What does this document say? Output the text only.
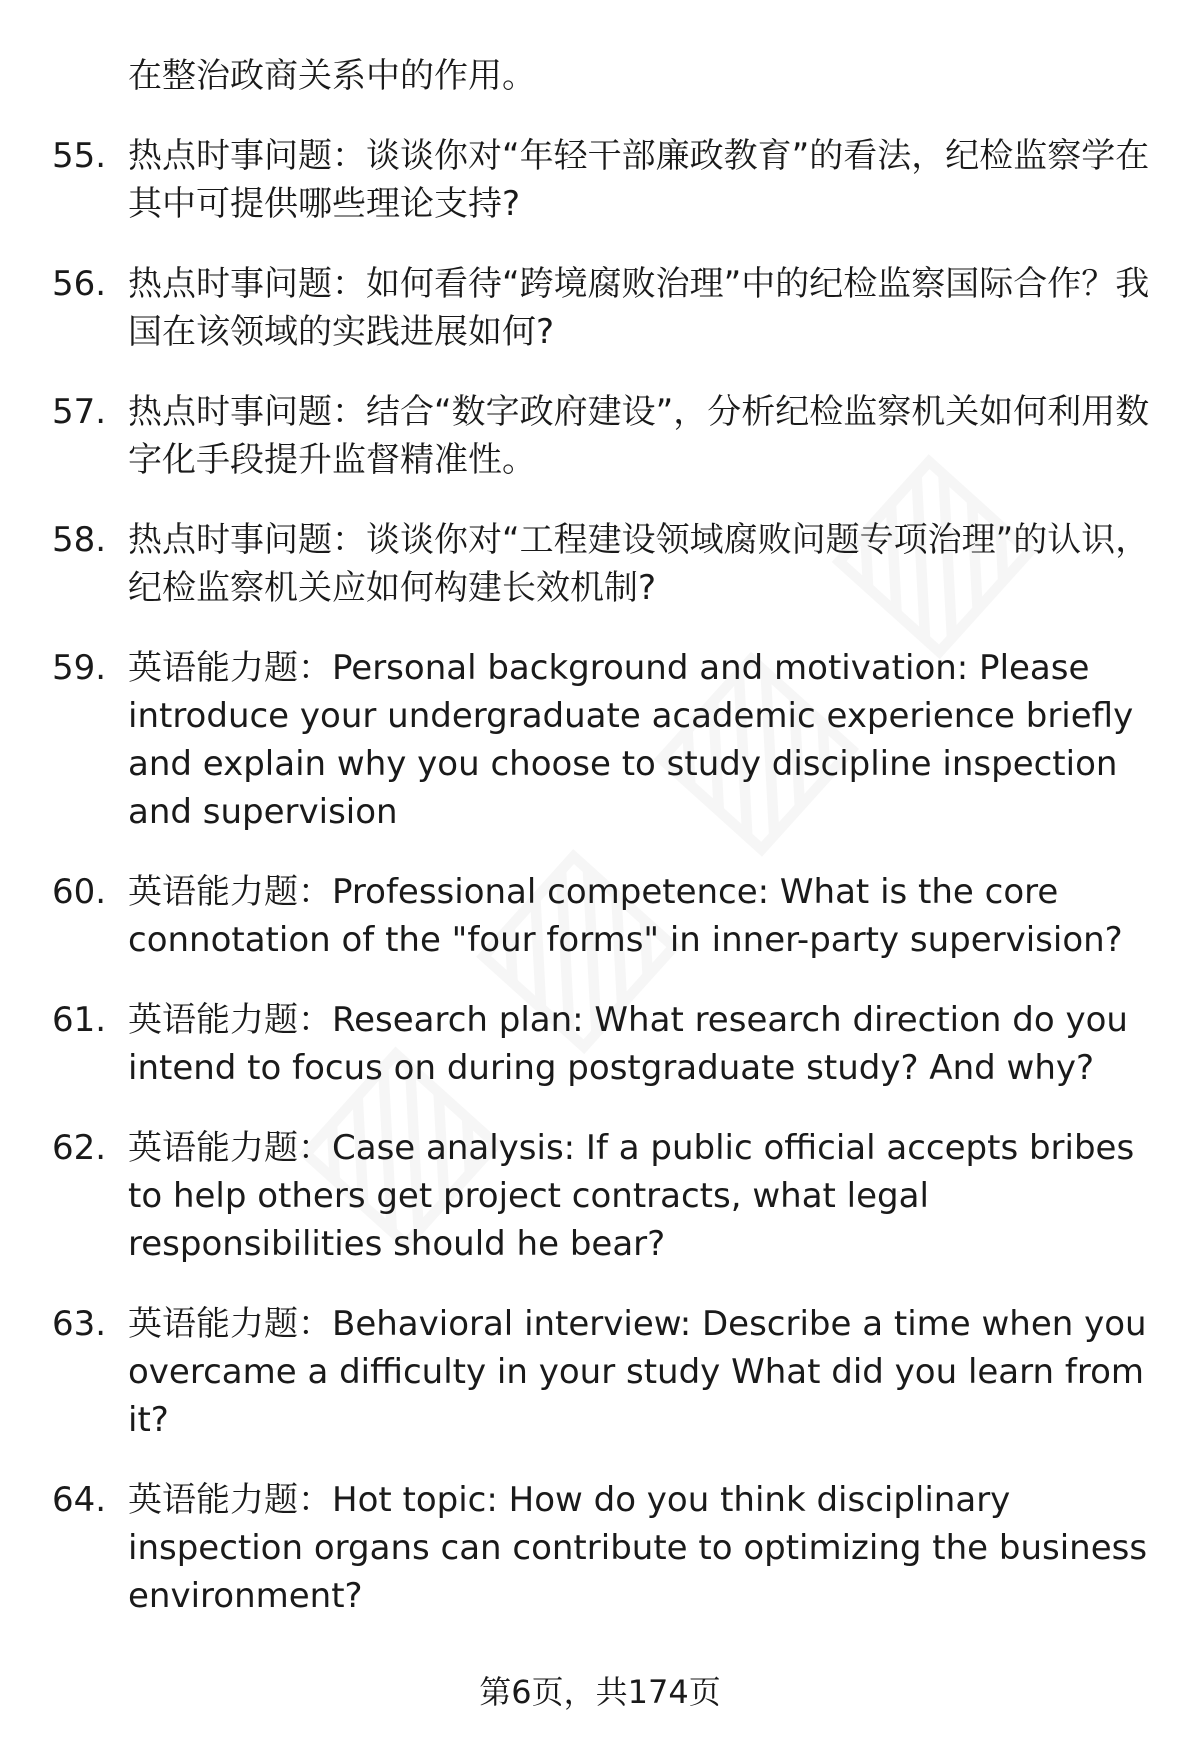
在整治政商关系中的作用。
55. 热点时事问题：谈谈你对“年轻干部廉政教育”的看法，纪检监察学在其中可提供哪些理论支持?
56. 热点时事问题：如何看待“跨境腐败治理”中的纪检监察国际合作？我国在该领域的实践进展如何?
57. 热点时事问题：结合“数字政府建设”，分析纪检监察机关如何利用数字化手段提升监督精准性。
58. 热点时事问题：谈谈你对“工程建设领域腐败问题专项治理”的认识，纪检监察机关应如何构建长效机制?
59. 英语能力题：Personal background and motivation: Please introduce your undergraduate academic experience briefly and explain why you choose to study discipline inspection and supervision
60. 英语能力题：Professional competence: What is the core connotation of the "four forms" in inner-party supervision?
61. 英语能力题：Research plan: What research direction do you intend to focus on during postgraduate study? And why?
62. 英语能力题：Case analysis: If a public official accepts bribes to help others get project contracts, what legal responsibilities should he bear?
63. 英语能力题：Behavioral interview: Describe a time when you overcame a difficulty in your study What did you learn from it?
64. 英语能力题：Hot topic: How do you think disciplinary inspection organs can contribute to optimizing the business environment?
第6页，共174页
